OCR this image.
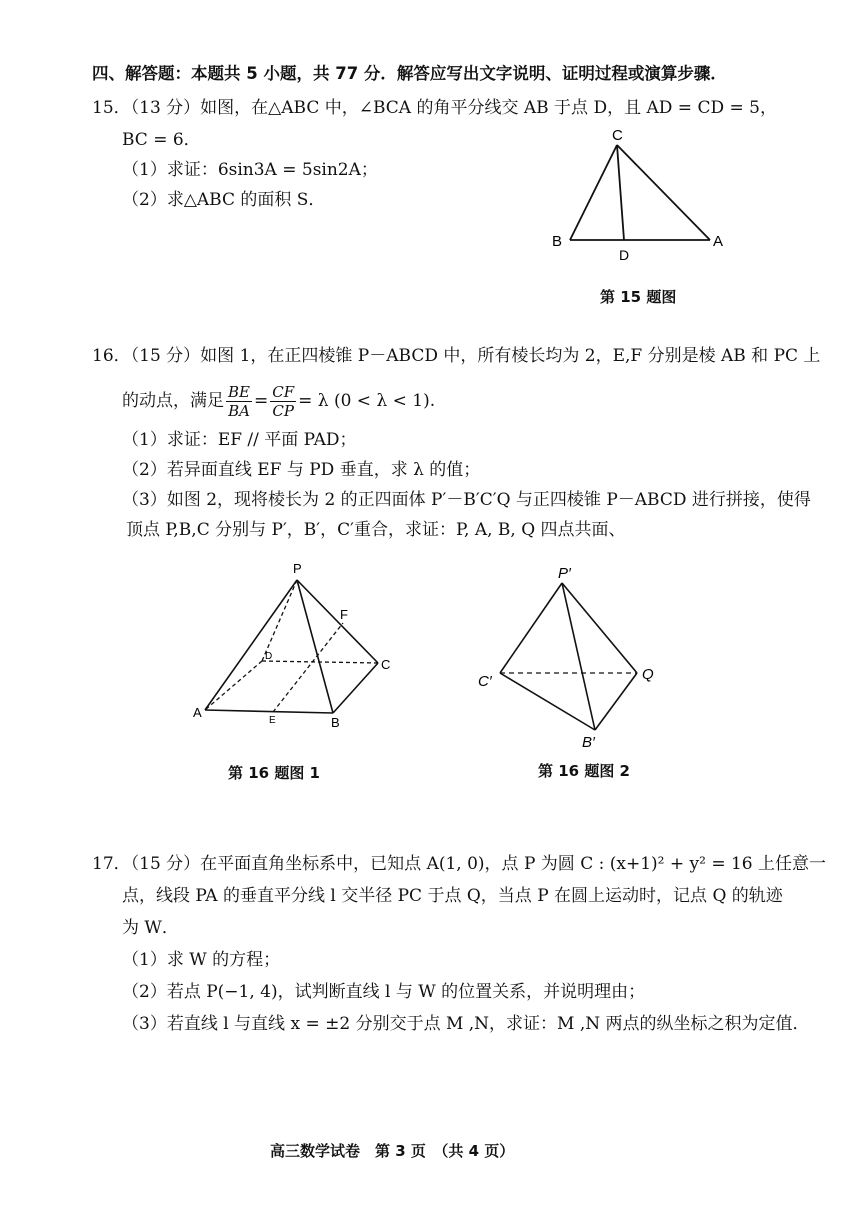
四、解答题：本题共 5 小题，共 77 分．解答应写出文字说明、证明过程或演算步骤．
15．（13 分）如图，在△ABC 中，∠BCA 的角平分线交 AB 于点 D，且 AD = CD = 5，
BC = 6．
（1）求证：6sin3A = 5sin2A；
（2）求△ABC 的面积 S．
C
B
D
A
第 15 题图
16．（15 分）如图 1，在正四棱锥 P－ABCD 中，所有棱长均为 2，E,F 分别是棱 AB 和 PC 上
的动点，满足 $\frac{BE}{BA} = \frac{CF}{CP} = \lambda$ (0 < λ < 1).
（1）求证：EF // 平面 PAD；
（2）若异面直线 EF 与 PD 垂直，求 λ 的值；
（3）如图 2，现将棱长为 2 的正四面体 P′－B′C′Q 与正四棱锥 P－ABCD 进行拼接，使得
顶点 P,B,C 分别与 P′，B′，C′重合，求证：P, A, B, Q 四点共面、
P
F
C
D
A
E	B
第 16 题图 1
P′
C′	Q
B′
第 16 题图 2
17．（15 分）在平面直角坐标系中，已知点 A(1, 0)，点 P 为圆 C : (x+1)² + y² = 16 上任意一
点，线段 PA 的垂直平分线 l 交半径 PC 于点 Q，当点 P 在圆上运动时，记点 Q 的轨迹
为 W．
（1）求 W 的方程；
（2）若点 P(−1, 4)，试判断直线 l 与 W 的位置关系，并说明理由；
（3）若直线 l 与直线 x = ±2 分别交于点 M ,N，求证：M ,N 两点的纵坐标之积为定值．
高三数学试卷　第 3 页　（共 4 页）
